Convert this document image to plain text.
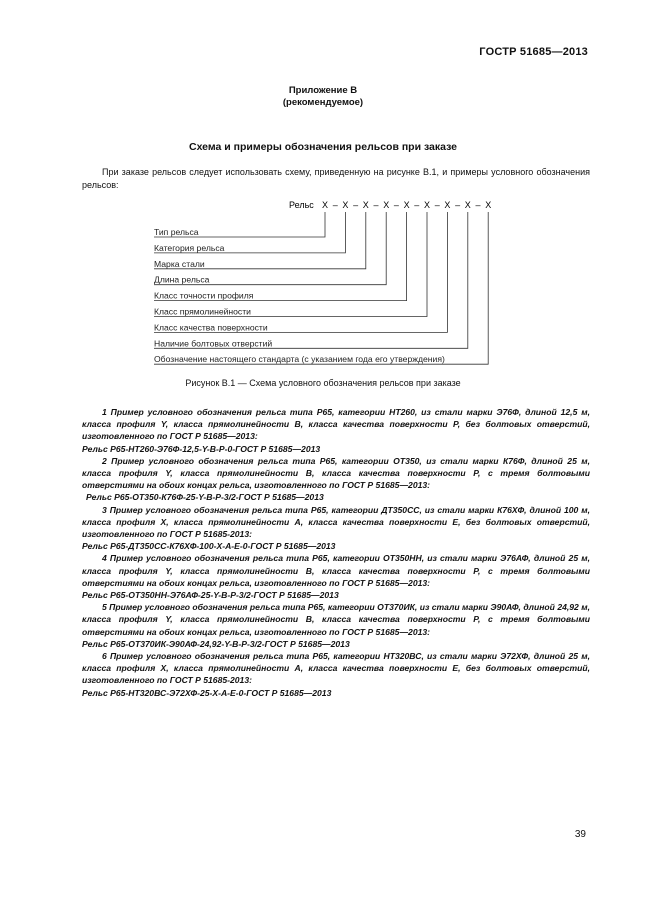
ГОСТР 51685—2013
Приложение В
(рекомендуемое)
Схема и примеры обозначения рельсов при заказе
При заказе рельсов следует использовать схему, приведенную на рисунке В.1, и примеры условного обозначения рельсов:
Рельс Х – Х – Х – Х – Х – Х – Х – Х – Х
Тип рельса
Категория рельса
Марка стали
Длина рельса
Класс точности профиля
Класс прямолинейности
Класс качества поверхности
Наличие болтовых отверстий
Обозначение настоящего стандарта (с указанием года его утверждения)
Рисунок В.1 — Схема условного обозначения рельсов при заказе
1 Пример условного обозначения рельса типа Р65, категории НТ260, из стали марки Э76Ф, длиной 12,5 м, класса профиля Y, класса прямолинейности В, класса качества поверхности Р, без болтовых отверстий, изготовленного по ГОСТ Р 51685—2013:
Рельс Р65-НТ260-Э76Ф-12,5-Y-В-Р-0-ГОСТ Р 51685—2013
2 Пример условного обозначения рельса типа Р65, категории ОТ350, из стали марки К76Ф, длиной 25 м, класса профиля Y, класса прямолинейности В, класса качества поверхности Р, с тремя болтовыми отверстиями на обоих концах рельса, изготовленного по ГОСТ Р 51685—2013:
Рельс Р65-ОТ350-К76Ф-25-Y-В-Р-3/2-ГОСТ Р 51685—2013
3 Пример условного обозначения рельса типа Р65, категории ДТ350СС, из стали марки К76ХФ, длиной 100 м, класса профиля Х, класса прямолинейности А, класса качества поверхности Е, без болтовых отверстий, изготовленного по ГОСТ Р 51685-2013:
Рельс Р65-ДТ350СС-К76ХФ-100-Х-А-Е-0-ГОСТ Р 51685—2013
4 Пример условного обозначения рельса типа Р65, категории ОТ350НН, из стали марки Э76АФ, длиной 25 м, класса профиля Y, класса прямолинейности В, класса качества поверхности Р, с тремя болтовыми отверстиями на обоих концах рельса, изготовленного по ГОСТ Р 51685—2013:
Рельс Р65-ОТ350НН-Э76АФ-25-Y-В-Р-3/2-ГОСТ Р 51685—2013
5 Пример условного обозначения рельса типа Р65, категории ОТ370ИК, из стали марки Э90АФ, длиной 24,92 м, класса профиля Y, класса прямолинейности В, класса качества поверхности Р, с тремя болтовыми отверстиями на обоих концах рельса, изготовленного по ГОСТ Р 51685—2013:
Рельс Р65-ОТ370ИК-Э90АФ-24,92-Y-В-Р-3/2-ГОСТ Р 51685—2013
6 Пример условного обозначения рельса типа Р65, категории НТ320ВС, из стали марки Э72ХФ, длиной 25 м, класса профиля Х, класса прямолинейности А, класса качества поверхности Е, без болтовых отверстий, изготовленного по ГОСТ Р 51685-2013:
Рельс Р65-НТ320ВС-Э72ХФ-25-Х-А-Е-0-ГОСТ Р 51685—2013
39
